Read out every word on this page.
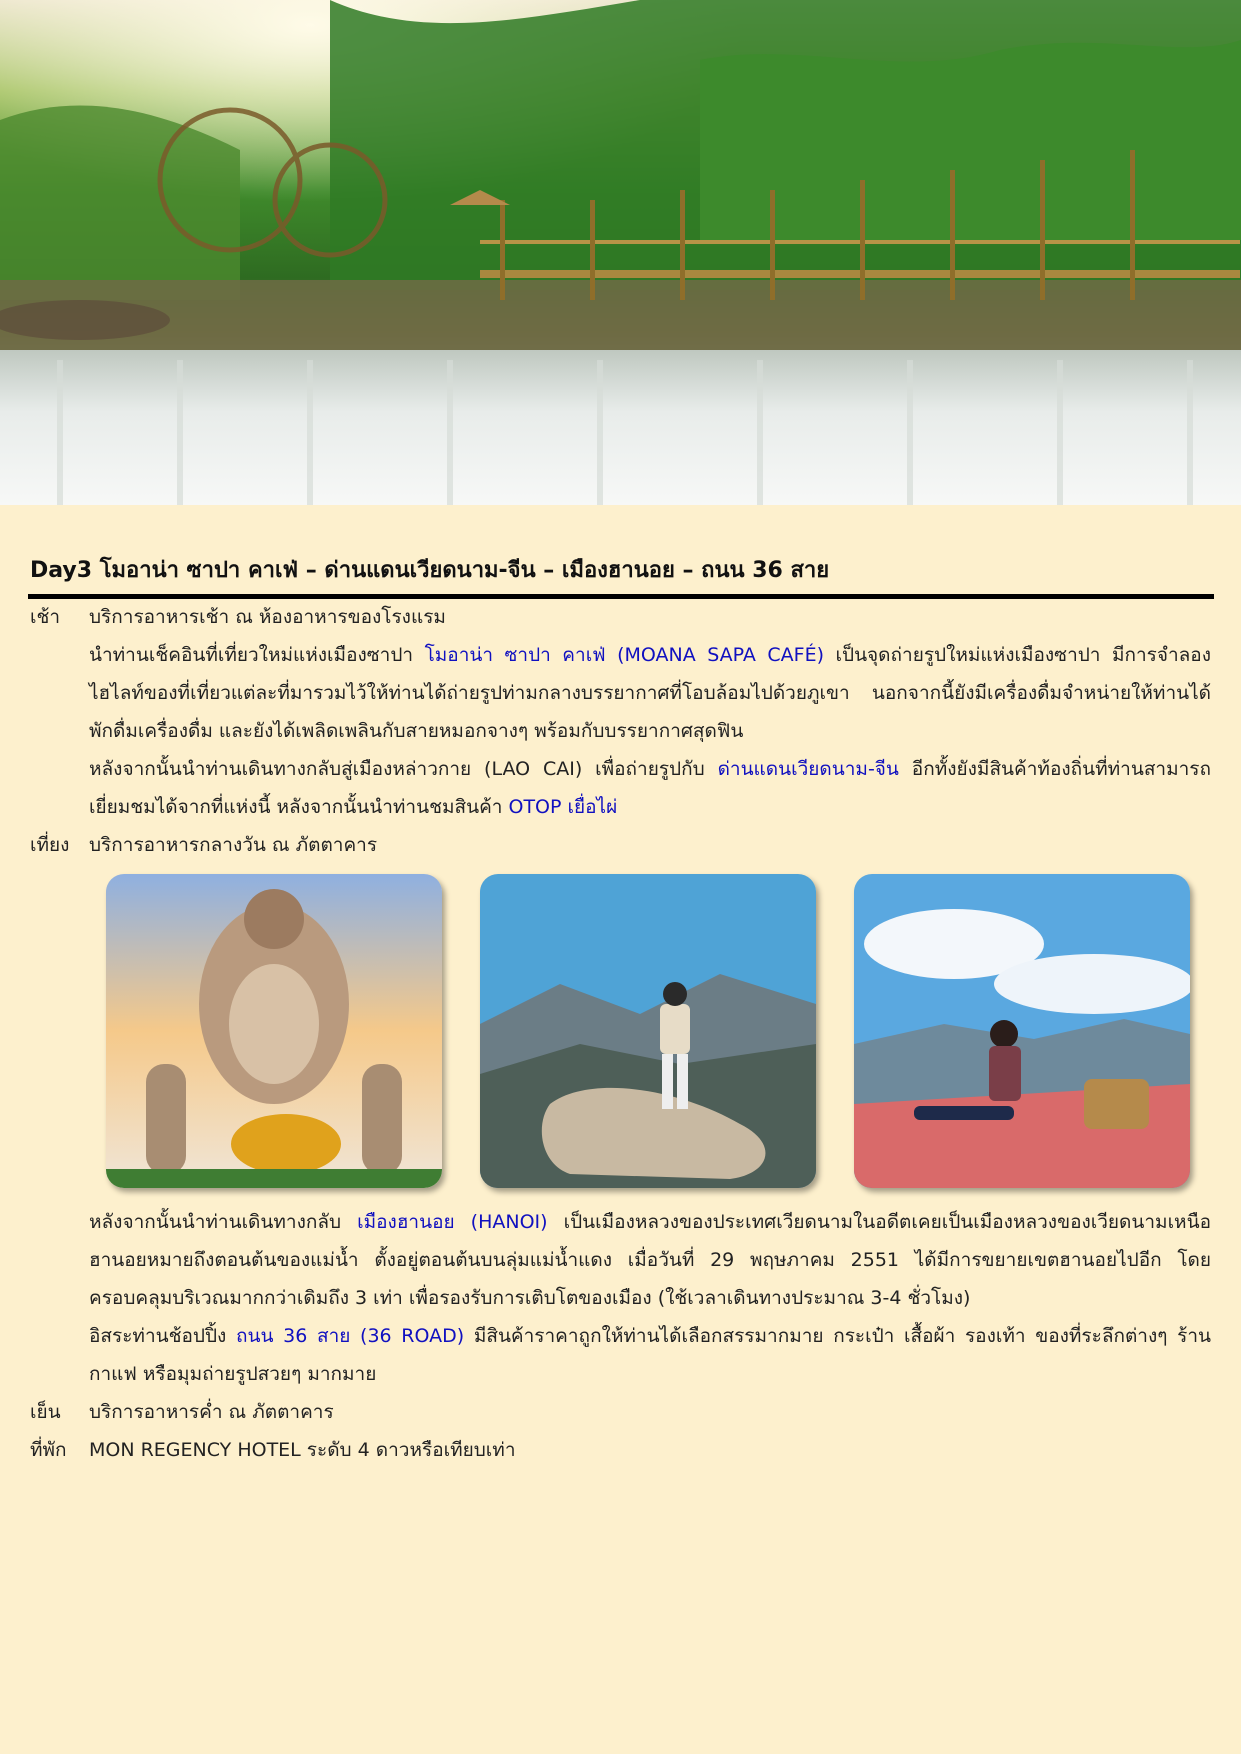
Day3 โมอาน่า ซาปา คาเฟ่ – ด่านแดนเวียดนาม-จีน – เมืองฮานอย – ถนน 36 สาย
เช้า บริการอาหารเช้า ณ ห้องอาหารของโรงแรม
นำท่านเช็คอินที่เที่ยวใหม่แห่งเมืองซาปา โมอาน่า ซาปา คาเฟ่ (MOANA SAPA CAFÉ) เป็นจุดถ่ายรูปใหม่แห่งเมืองซาปา มีการจำลองไฮไลท์ของที่เที่ยวแต่ละที่มารวมไว้ให้ท่านได้ถ่ายรูปท่ามกลางบรรยากาศที่โอบล้อมไปด้วยภูเขา นอกจากนี้ยังมีเครื่องดื่มจำหน่ายให้ท่านได้พักดื่มเครื่องดื่ม และยังได้เพลิดเพลินกับสายหมอกจางๆ พร้อมกับบรรยากาศสุดฟิน
หลังจากนั้นนำท่านเดินทางกลับสู่เมืองหล่าวกาย (LAO CAI) เพื่อถ่ายรูปกับ ด่านแดนเวียดนาม-จีน อีกทั้งยังมีสินค้าท้องถิ่นที่ท่านสามารถเยี่ยมชมได้จากที่แห่งนี้ หลังจากนั้นนำท่านชมสินค้า OTOP เยื่อไผ่
เที่ยง บริการอาหารกลางวัน ณ ภัตตาคาร
หลังจากนั้นนำท่านเดินทางกลับ เมืองฮานอย (HANOI) เป็นเมืองหลวงของประเทศเวียดนามในอดีตเคยเป็นเมืองหลวงของเวียดนามเหนือ ฮานอยหมายถึงตอนต้นของแม่น้ำ ตั้งอยู่ตอนต้นบนลุ่มแม่น้ำแดง เมื่อวันที่ 29 พฤษภาคม 2551 ได้มีการขยายเขตฮานอยไปอีก โดยครอบคลุมบริเวณมากกว่าเดิมถึง 3 เท่า เพื่อรองรับการเติบโตของเมือง (ใช้เวลาเดินทางประมาณ 3-4 ชั่วโมง)
อิสระท่านช้อปปิ้ง ถนน 36 สาย (36 ROAD) มีสินค้าราคาถูกให้ท่านได้เลือกสรรมากมาย กระเป๋า เสื้อผ้า รองเท้า ของที่ระลึกต่างๆ ร้านกาแฟ หรือมุมถ่ายรูปสวยๆ มากมาย
เย็น บริการอาหารค่ำ ณ ภัตตาคาร
ที่พัก MON REGENCY HOTEL ระดับ 4 ดาวหรือเทียบเท่า
